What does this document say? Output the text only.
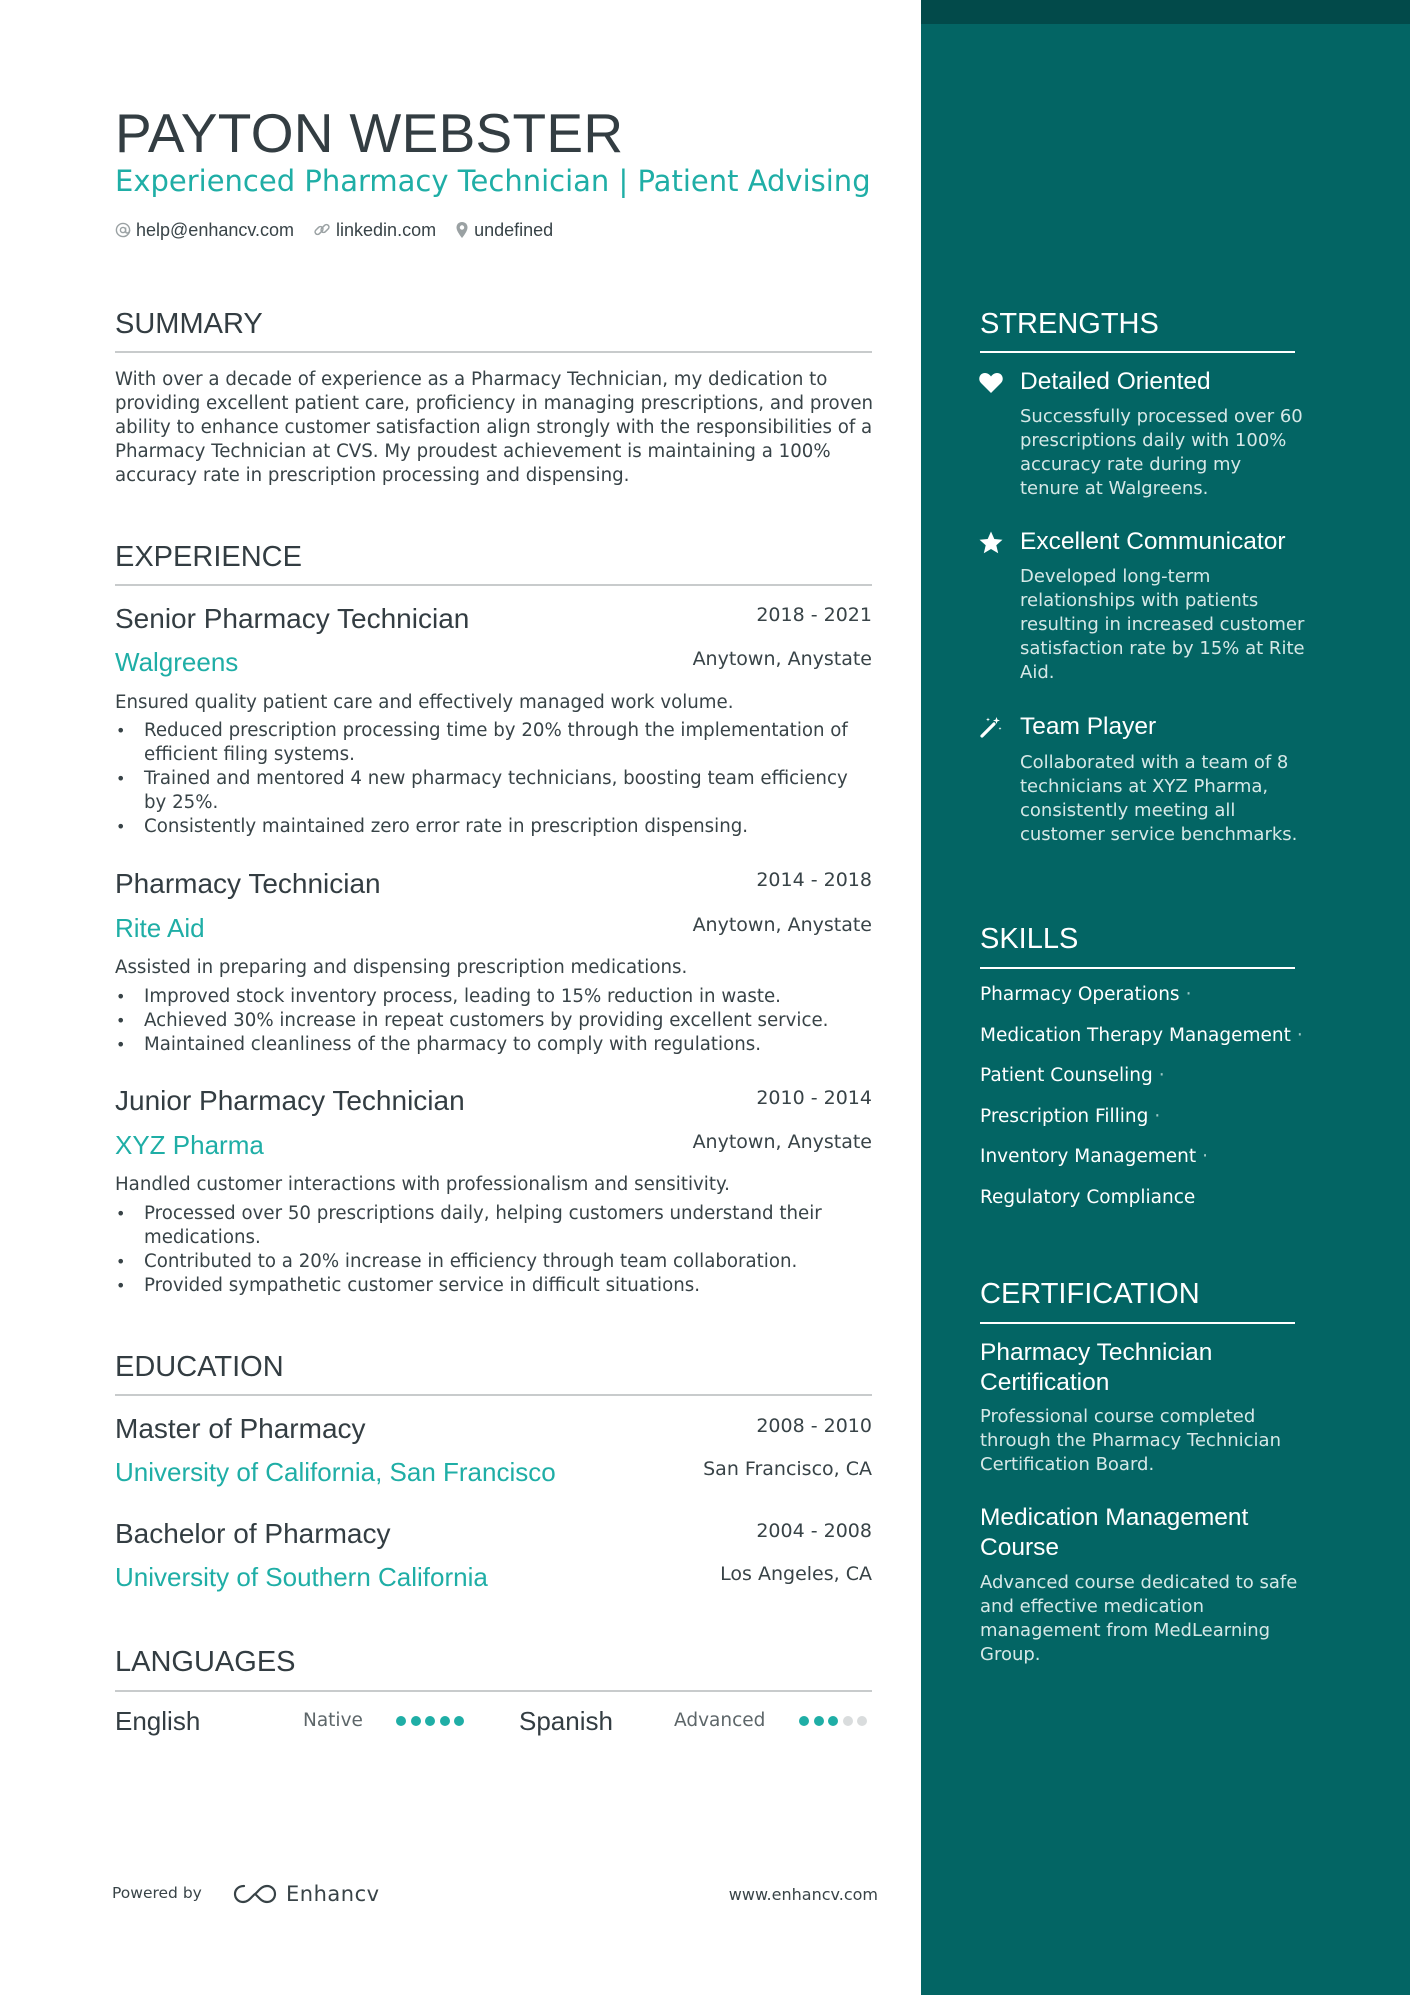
PAYTON WEBSTER
Experienced Pharmacy Technician | Patient Advising
help@enhancv.com linkedin.com undefined
SUMMARY
With over a decade of experience as a Pharmacy Technician, my dedication to providing excellent patient care, proficiency in managing prescriptions, and proven ability to enhance customer satisfaction align strongly with the responsibilities of a Pharmacy Technician at CVS. My proudest achievement is maintaining a 100% accuracy rate in prescription processing and dispensing.
EXPERIENCE
Senior Pharmacy Technician	2018 - 2021
Walgreens	Anytown, Anystate
Ensured quality patient care and effectively managed work volume.
• Reduced prescription processing time by 20% through the implementation of efficient filing systems.
• Trained and mentored 4 new pharmacy technicians, boosting team efficiency by 25%.
• Consistently maintained zero error rate in prescription dispensing.
Pharmacy Technician	2014 - 2018
Rite Aid	Anytown, Anystate
Assisted in preparing and dispensing prescription medications.
• Improved stock inventory process, leading to 15% reduction in waste.
• Achieved 30% increase in repeat customers by providing excellent service.
• Maintained cleanliness of the pharmacy to comply with regulations.
Junior Pharmacy Technician	2010 - 2014
XYZ Pharma	Anytown, Anystate
Handled customer interactions with professionalism and sensitivity.
• Processed over 50 prescriptions daily, helping customers understand their medications.
• Contributed to a 20% increase in efficiency through team collaboration.
• Provided sympathetic customer service in difficult situations.
EDUCATION
Master of Pharmacy	2008 - 2010
University of California, San Francisco	San Francisco, CA
Bachelor of Pharmacy	2004 - 2008
University of Southern California	Los Angeles, CA
LANGUAGES
English	Native	Spanish	Advanced
Powered by	Enhancv	www.enhancv.com
STRENGTHS
Detailed Oriented
Successfully processed over 60 prescriptions daily with 100% accuracy rate during my tenure at Walgreens.
Excellent Communicator
Developed long-term relationships with patients resulting in increased customer satisfaction rate by 15% at Rite Aid.
Team Player
Collaborated with a team of 8 technicians at XYZ Pharma, consistently meeting all customer service benchmarks.
SKILLS
Pharmacy Operations ·
Medication Therapy Management ·
Patient Counseling ·
Prescription Filling ·
Inventory Management ·
Regulatory Compliance
CERTIFICATION
Pharmacy Technician Certification
Professional course completed through the Pharmacy Technician Certification Board.
Medication Management Course
Advanced course dedicated to safe and effective medication management from MedLearning Group.
